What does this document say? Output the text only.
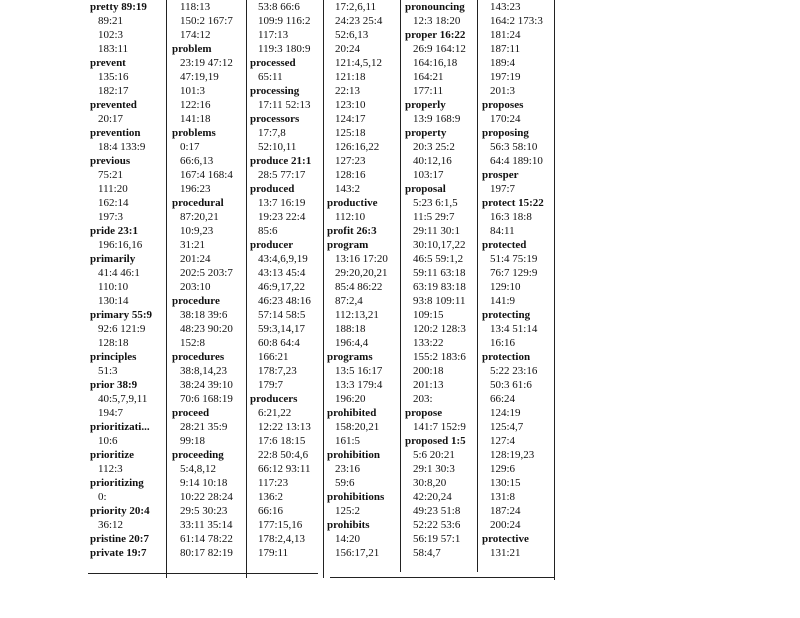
pretty 89:19
89:21
102:3
183:11
prevent
135:16
182:17
prevented
20:17
prevention
18:4 133:9
previous
75:21
111:20
162:14
197:3
pride 23:1
196:16,16
primarily
41:4 46:1
110:10
130:14
primary 55:9
92:6 121:9
128:18
principles
51:3
prior 38:9
40:5,7,9,11
194:7
prioritizati...
10:6
prioritize
112:3
prioritizing
0:
priority 20:4
36:12
pristine 20:7
private 19:7
118:13
150:2 167:7
174:12
problem
23:19 47:12
47:19,19
101:3
122:16
141:18
problems
0:17
66:6,13
167:4 168:4
196:23
procedural
87:20,21
10:9,23
31:21
201:24
202:5 203:7
203:10
procedure
38:18 39:6
48:23 90:20
152:8
procedures
38:8,14,23
38:24 39:10
70:6 168:19
proceed
28:21 35:9
99:18
proceeding
5:4,8,12
9:14 10:18
10:22 28:24
29:5 30:23
33:11 35:14
61:14 78:22
80:17 82:19
53:8 66:6
109:9 116:2
117:13
119:3 180:9
processed
65:11
processing
17:11 52:13
processors
17:7,8
52:10,11
produce 21:1
28:5 77:17
produced
13:7 16:19
19:23 22:4
85:6
producer
43:4,6,9,19
43:13 45:4
46:9,17,22
46:23 48:16
57:14 58:5
59:3,14,17
60:8 64:4
166:21
178:7,23
179:7
producers
6:21,22
12:22 13:13
17:6 18:15
22:8 50:4,6
66:12 93:11
117:23
136:2
66:16
177:15,16
178:2,4,13
179:11
17:2,6,11
24:23 25:4
52:6,13
20:24
121:4,5,12
121:18
22:13
123:10
124:17
125:18
126:16,22
127:23
128:16
143:2
productive
112:10
profit 26:3
program
13:16 17:20
29:20,20,21
85:4 86:22
87:2,4
112:13,21
188:18
196:4,4
programs
13:5 16:17
13:3 179:4
196:20
prohibited
158:20,21
161:5
prohibition
23:16
59:6
prohibitions
125:2
prohibits
14:20
156:17,21
pronouncing
12:3 18:20
proper 16:22
26:9 164:12
164:16,18
164:21
177:11
properly
13:9 168:9
property
20:3 25:2
40:12,16
103:17
proposal
5:23 6:1,5
11:5 29:7
29:11 30:1
30:10,17,22
46:5 59:1,2
59:11 63:18
63:19 83:18
93:8 109:11
109:15
120:2 128:3
133:22
155:2 183:6
200:18
201:13
203:
propose
141:7 152:9
proposed 1:5
5:6 20:21
29:1 30:3
30:8,20
42:20,24
49:23 51:8
52:22 53:6
56:19 57:1
58:4,7
143:23
164:2 173:3
181:24
187:11
189:4
197:19
201:3
proposes
170:24
proposing
56:3 58:10
64:4 189:10
prosper
197:7
protect 15:22
16:3 18:8
84:11
protected
51:4 75:19
76:7 129:9
129:10
141:9
protecting
13:4 51:14
16:16
protection
5:22 23:16
50:3 61:6
66:24
124:19
125:4,7
127:4
128:19,23
129:6
130:15
131:8
187:24
200:24
protective
131:21
